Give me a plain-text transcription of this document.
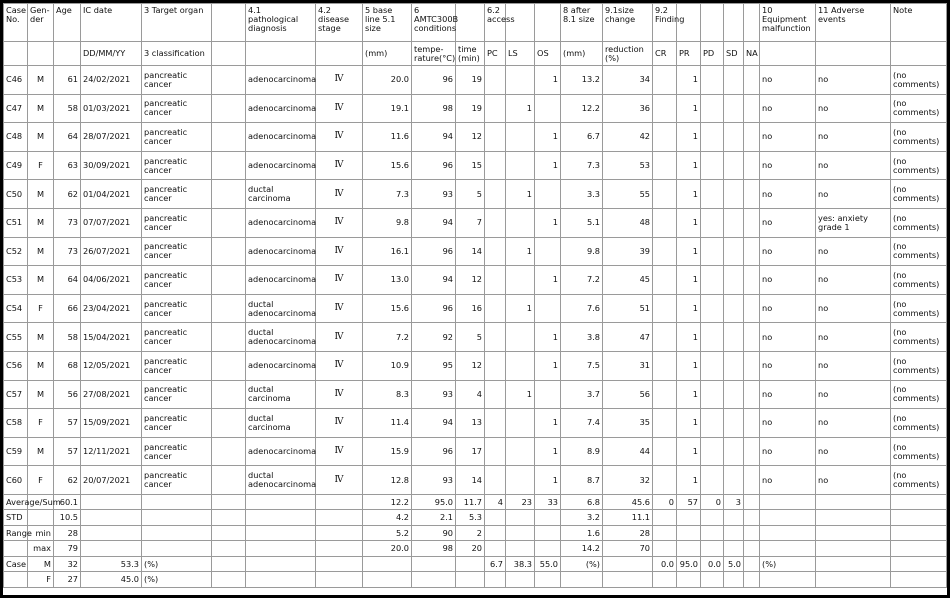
Case No.	Gen-der	Age	IC date	3 Target organ		4.1 pathological diagnosis	4.2 disease stage	5 base line 5.1 size	6 AMTC300B conditions		6.2 access			8 after 8.1 size	9.1size change	9.2 Finding					10 Equipment malfunction	11 Adverse events	Note
			DD/MM/YY	3 classification				(mm)	tempe-rature(°C)	time (min)	PC	LS	OS	(mm)	reduction (%)	CR	PR	PD	SD	NA			
C46	M	61	24/02/2021	pancreatic cancer		adenocarcinoma	Ⅳ	20.0	96	19			1	13.2	34		1				no	no	(no comments)
C47	M	58	01/03/2021	pancreatic cancer		adenocarcinoma	Ⅳ	19.1	98	19		1		12.2	36		1				no	no	(no comments)
C48	M	64	28/07/2021	pancreatic cancer		adenocarcinoma	Ⅳ	11.6	94	12			1	6.7	42		1				no	no	(no comments)
C49	F	63	30/09/2021	pancreatic cancer		adenocarcinoma	Ⅳ	15.6	96	15			1	7.3	53		1				no	no	(no comments)
C50	M	62	01/04/2021	pancreatic cancer		ductal carcinoma	Ⅳ	7.3	93	5		1		3.3	55		1				no	no	(no comments)
C51	M	73	07/07/2021	pancreatic cancer		adenocarcinoma	Ⅳ	9.8	94	7			1	5.1	48		1				no	yes: anxiety grade 1	(no comments)
C52	M	73	26/07/2021	pancreatic cancer		adenocarcinoma	Ⅳ	16.1	96	14		1		9.8	39		1				no	no	(no comments)
C53	M	64	04/06/2021	pancreatic cancer		adenocarcinoma	Ⅳ	13.0	94	12			1	7.2	45		1				no	no	(no comments)
C54	F	66	23/04/2021	pancreatic cancer		ductal adenocarcinoma	Ⅳ	15.6	96	16		1		7.6	51		1				no	no	(no comments)
C55	M	58	15/04/2021	pancreatic cancer		ductal adenocarcinoma	Ⅳ	7.2	92	5			1	3.8	47		1				no	no	(no comments)
C56	M	68	12/05/2021	pancreatic cancer		adenocarcinoma	Ⅳ	10.9	95	12			1	7.5	31		1				no	no	(no comments)
C57	M	56	27/08/2021	pancreatic cancer		ductal carcinoma	Ⅳ	8.3	93	4		1		3.7	56		1				no	no	(no comments)
C58	F	57	15/09/2021	pancreatic cancer		ductal carcinoma	Ⅳ	11.4	94	13			1	7.4	35		1				no	no	(no comments)
C59	M	57	12/11/2021	pancreatic cancer		adenocarcinoma	Ⅳ	15.9	96	17			1	8.9	44		1				no	no	(no comments)
C60	F	62	20/07/2021	pancreatic cancer		ductal adenocarcinoma	Ⅳ	12.8	93	14			1	8.7	32		1				no	no	(no comments)
Average/Sum		60.1						12.2	95.0	11.7	4	23	33	6.8	45.6	0	57	0	3				
STD		10.5						4.2	2.1	5.3				3.2	11.1								
Range	min	28						5.2	90	2				1.6	28								
	max	79						20.0	98	20				14.2	70								
Case	M	32	53.3	(%)							6.7	38.3	55.0	(%)		0.0	95.0	0.0	5.0		(%)		
	F	27	45.0	(%)																			
